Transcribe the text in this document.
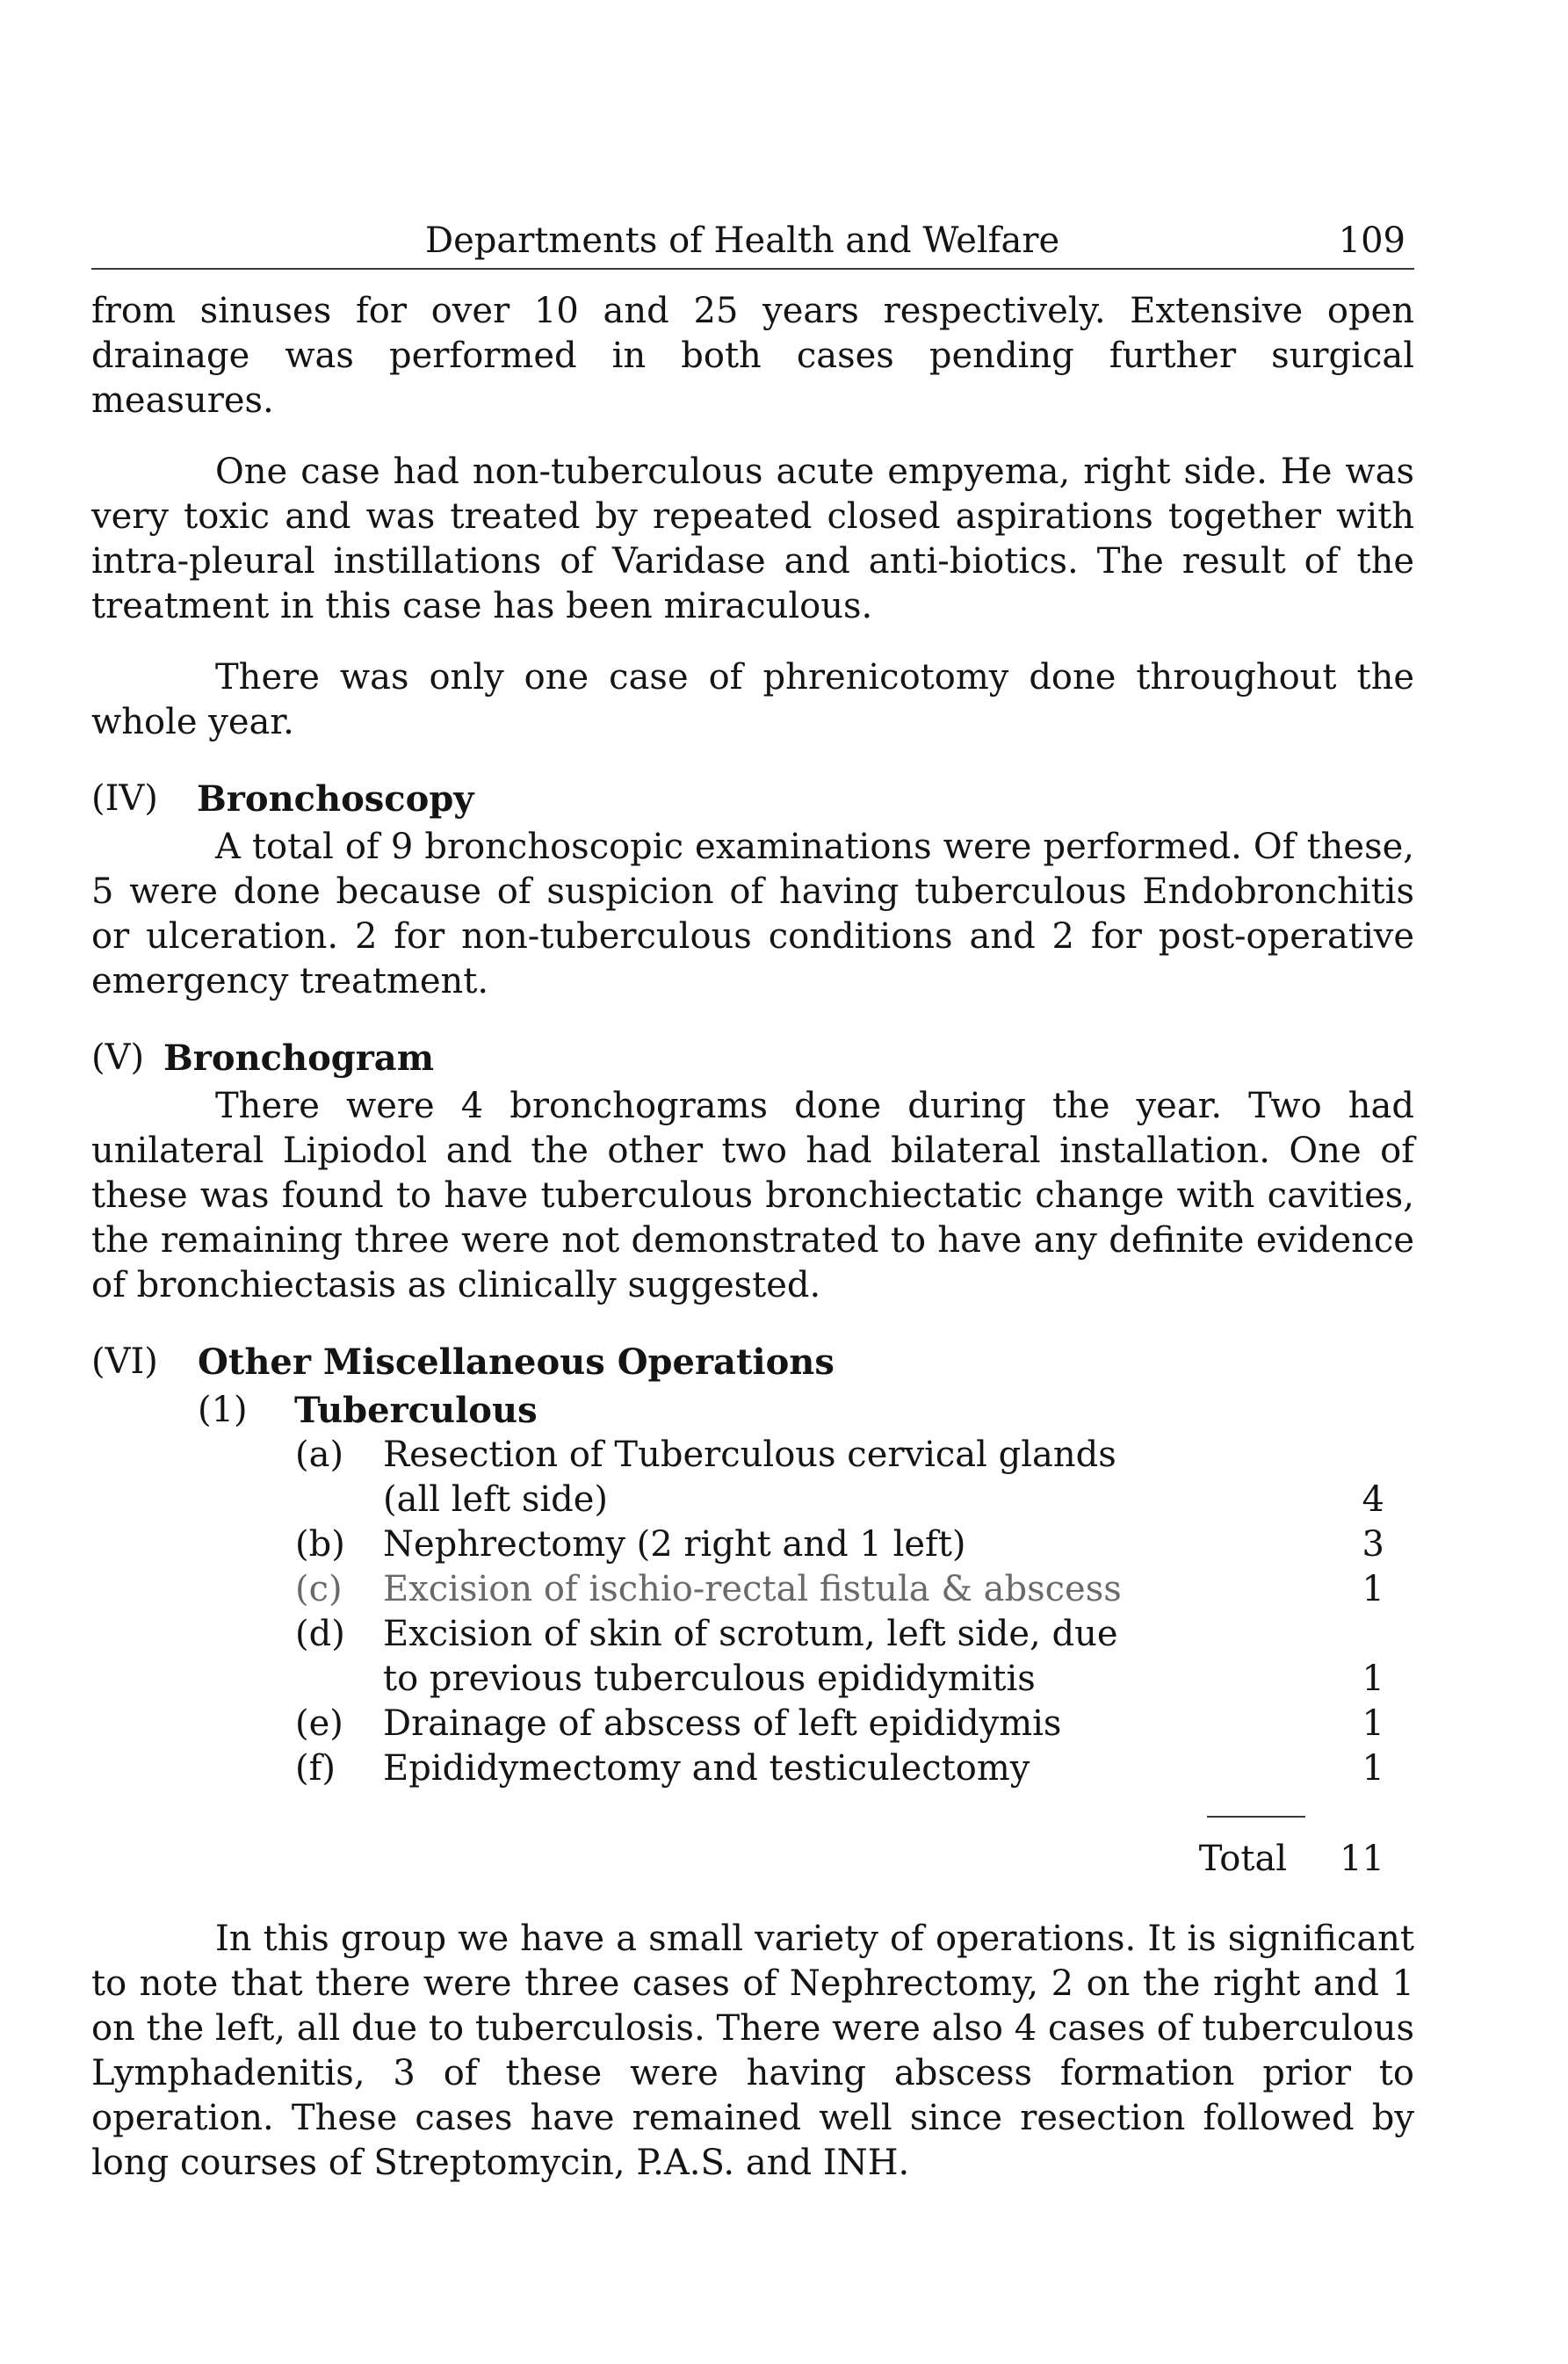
Departments of Health and Welfare	109

from sinuses for over 10 and 25 years respectively. Extensive open drainage was performed in both cases pending further surgical measures.

One case had non-tuberculous acute empyema, right side. He was very toxic and was treated by repeated closed aspirations together with intra-pleural instillations of Varidase and anti-biotics. The result of the treatment in this case has been miraculous.

There was only one case of phrenicotomy done throughout the whole year.

(IV)	Bronchoscopy

A total of 9 bronchoscopic examinations were performed. Of these, 5 were done because of suspicion of having tuberculous Endobronchitis or ulceration. 2 for non-tuberculous conditions and 2 for post-operative emergency treatment.

(V) Bronchogram

There were 4 bronchograms done during the year. Two had unilateral Lipiodol and the other two had bilateral installation. One of these was found to have tuberculous bronchiectatic change with cavities, the remaining three were not demonstrated to have any definite evidence of bronchiectasis as clinically suggested.

(VI)	Other Miscellaneous Operations
(1)	Tuberculous
(a)	Resection of Tuberculous cervical glands
(all left side)	4
(b)	Nephrectomy (2 right and 1 left)	3
(c)	Excision of ischio-rectal fistula & abscess	1
(d)	Excision of skin of scrotum, left side, due
to previous tuberculous epididymitis	1
(e)	Drainage of abscess of left epididymis	1
(f)	Epididymectomy and testiculectomy	1
Total 11

In this group we have a small variety of operations. It is significant to note that there were three cases of Nephrectomy, 2 on the right and 1 on the left, all due to tuberculosis. There were also 4 cases of tuberculous Lymphadenitis, 3 of these were having abscess formation prior to operation. These cases have remained well since resection followed by long courses of Streptomycin, P.A.S. and INH.
